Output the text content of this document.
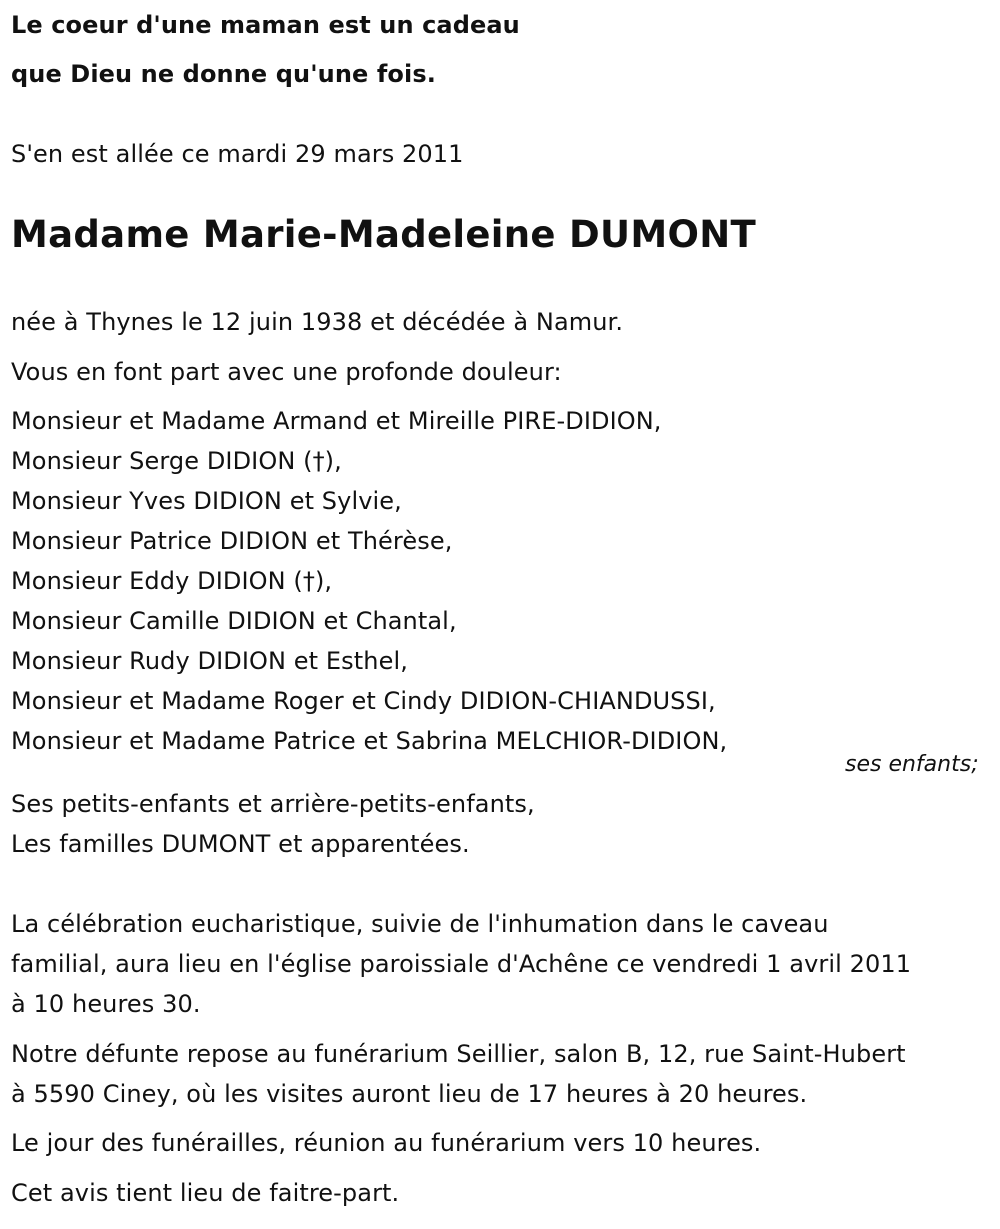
Le coeur d'une maman est un cadeau
que Dieu ne donne qu'une fois.
S'en est allée ce mardi 29 mars 2011
Madame Marie-Madeleine DUMONT
née à Thynes le 12 juin 1938 et décédée à Namur.
Vous en font part avec une profonde douleur:
Monsieur et Madame Armand et Mireille PIRE-DIDION,
Monsieur Serge DIDION (†),
Monsieur Yves DIDION et Sylvie,
Monsieur Patrice DIDION et Thérèse,
Monsieur Eddy DIDION (†),
Monsieur Camille DIDION et Chantal,
Monsieur Rudy DIDION et Esthel,
Monsieur et Madame Roger et Cindy DIDION-CHIANDUSSI,
Monsieur et Madame Patrice et Sabrina MELCHIOR-DIDION,
ses enfants;
Ses petits-enfants et arrière-petits-enfants,
Les familles DUMONT et apparentées.
La célébration eucharistique, suivie de l'inhumation dans le caveau
familial, aura lieu en l'église paroissiale d'Achêne ce vendredi 1 avril 2011
à 10 heures 30.
Notre défunte repose au funérarium Seillier, salon B, 12, rue Saint-Hubert
à 5590 Ciney, où les visites auront lieu de 17 heures à 20 heures.
Le jour des funérailles, réunion au funérarium vers 10 heures.
Cet avis tient lieu de faitre-part.
